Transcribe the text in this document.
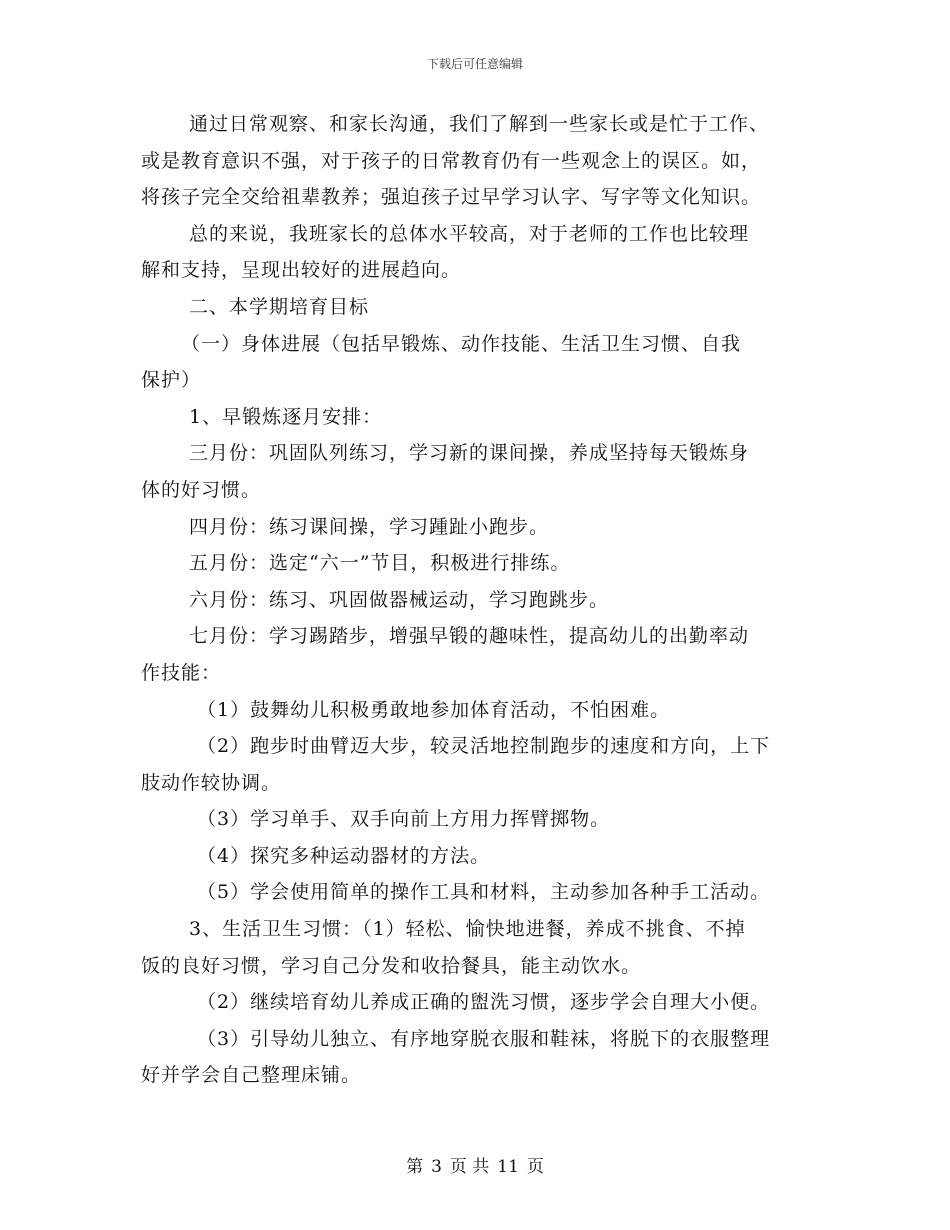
下载后可任意编辑

通过日常观察、和家长沟通，我们了解到一些家长或是忙于工作、

或是教育意识不强，对于孩子的日常教育仍有一些观念上的误区。如，

将孩子完全交给祖辈教养；强迫孩子过早学习认字、写字等文化知识。

总的来说，我班家长的总体水平较高，对于老师的工作也比较理

解和支持，呈现出较好的进展趋向。

二、本学期培育目标

（一）身体进展（包括早锻炼、动作技能、生活卫生习惯、自我

保护）

1、早锻炼逐月安排：

三月份：巩固队列练习，学习新的课间操，养成坚持每天锻炼身

体的好习惯。

四月份：练习课间操，学习踵趾小跑步。

五月份：选定“六一”节目，积极进行排练。

六月份：练习、巩固做器械运动，学习跑跳步。

七月份：学习踢踏步，增强早锻的趣味性，提高幼儿的出勤率动

作技能：

（1）鼓舞幼儿积极勇敢地参加体育活动，不怕困难。

（2）跑步时曲臂迈大步，较灵活地控制跑步的速度和方向，上下

肢动作较协调。

（3）学习单手、双手向前上方用力挥臂掷物。

（4）探究多种运动器材的方法。

（5）学会使用简单的操作工具和材料，主动参加各种手工活动。

3、生活卫生习惯：（1）轻松、愉快地进餐，养成不挑食、不掉

饭的良好习惯，学习自己分发和收拾餐具，能主动饮水。

（2）继续培育幼儿养成正确的盥洗习惯，逐步学会自理大小便。

（3）引导幼儿独立、有序地穿脱衣服和鞋袜，将脱下的衣服整理

好并学会自己整理床铺。

第 3 页 共 11 页
